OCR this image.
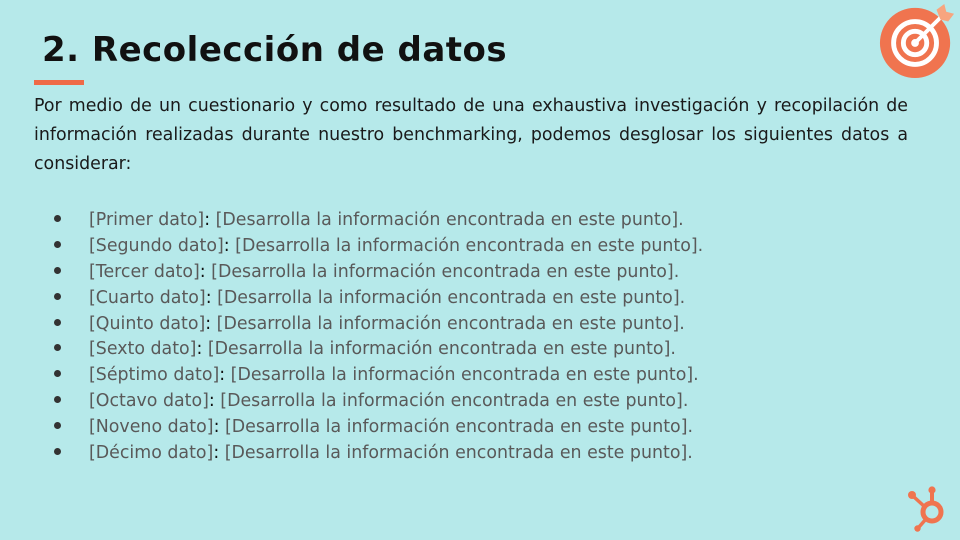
2. Recolección de datos

Por medio de un cuestionario y como resultado de una exhaustiva investigación y recopilación de información realizadas durante nuestro benchmarking, podemos desglosar los siguientes datos a considerar:

[Primer dato]: [Desarrolla la información encontrada en este punto].
[Segundo dato]: [Desarrolla la información encontrada en este punto].
[Tercer dato]: [Desarrolla la información encontrada en este punto].
[Cuarto dato]: [Desarrolla la información encontrada en este punto].
[Quinto dato]: [Desarrolla la información encontrada en este punto].
[Sexto dato]: [Desarrolla la información encontrada en este punto].
[Séptimo dato]: [Desarrolla la información encontrada en este punto].
[Octavo dato]: [Desarrolla la información encontrada en este punto].
[Noveno dato]: [Desarrolla la información encontrada en este punto].
[Décimo dato]: [Desarrolla la información encontrada en este punto].
